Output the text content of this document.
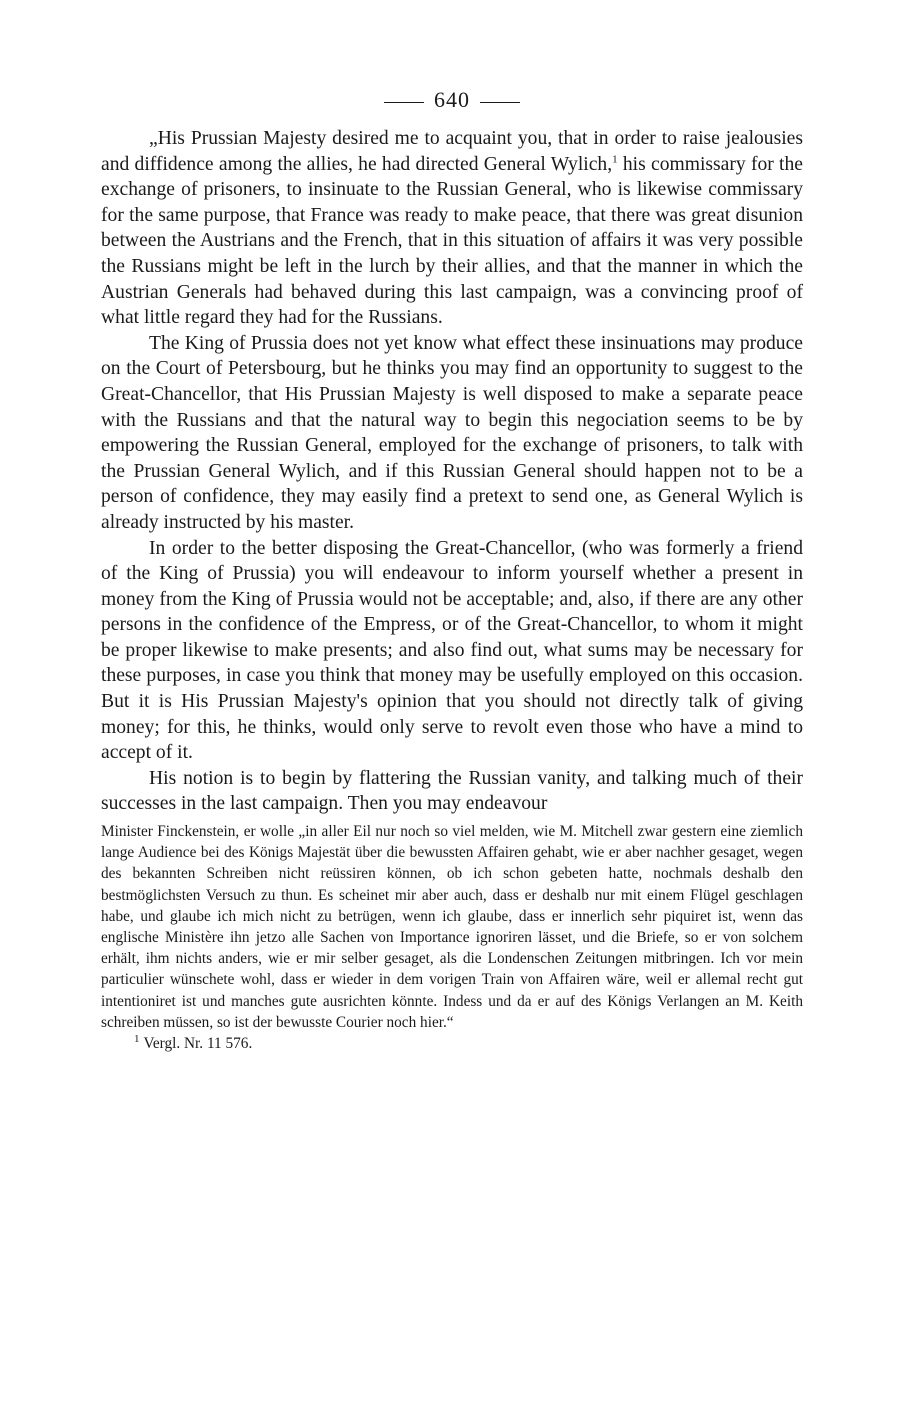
640

„His Prussian Majesty desired me to acquaint you, that in order to raise jealousies and diffidence among the allies, he had directed General Wylich,$^1$ his commissary for the exchange of prisoners, to insinuate to the Russian General, who is likewise commissary for the same purpose, that France was ready to make peace, that there was great disunion between the Austrians and the French, that in this situation of affairs it was very possible the Russians might be left in the lurch by their allies, and that the manner in which the Austrian Generals had behaved during this last campaign, was a convincing proof of what little regard they had for the Russians.

The King of Prussia does not yet know what effect these insinuations may produce on the Court of Petersbourg, but he thinks you may find an opportunity to suggest to the Great-Chancellor, that His Prussian Majesty is well disposed to make a separate peace with the Russians and that the natural way to begin this negociation seems to be by empowering the Russian General, employed for the exchange of prisoners, to talk with the Prussian General Wylich, and if this Russian General should happen not to be a person of confidence, they may easily find a pretext to send one, as General Wylich is already instructed by his master.

In order to the better disposing the Great-Chancellor, (who was formerly a friend of the King of Prussia) you will endeavour to inform yourself whether a present in money from the King of Prussia would not be acceptable; and, also, if there are any other persons in the confidence of the Empress, or of the Great-Chancellor, to whom it might be proper likewise to make presents; and also find out, what sums may be necessary for these purposes, in case you think that money may be usefully employed on this occasion. But it is His Prussian Majesty's opinion that you should not directly talk of giving money; for this, he thinks, would only serve to revolt even those who have a mind to accept of it.

His notion is to begin by flattering the Russian vanity, and talking much of their successes in the last campaign. Then you may endeavour

Minister Finckenstein, er wolle „in aller Eil nur noch so viel melden, wie M. Mitchell zwar gestern eine ziemlich lange Audience bei des Königs Majestät über die bewussten Affairen gehabt, wie er aber nachher gesaget, wegen des bekannten Schreiben nicht reüssiren können, ob ich schon gebeten hatte, nochmals deshalb den bestmöglichsten Versuch zu thun. Es scheinet mir aber auch, dass er deshalb nur mit einem Flügel geschlagen habe, und glaube ich mich nicht zu betrügen, wenn ich glaube, dass er innerlich sehr piquiret ist, wenn das englische Ministère ihn jetzo alle Sachen von Importance ignoriren lässet, und die Briefe, so er von solchem erhält, ihm nichts anders, wie er mir selber gesaget, als die Londenschen Zeitungen mitbringen. Ich vor mein particulier wünschete wohl, dass er wieder in dem vorigen Train von Affairen wäre, weil er allemal recht gut intentioniret ist und manches gute ausrichten könnte. Indess und da er auf des Königs Verlangen an M. Keith schreiben müssen, so ist der bewusste Courier noch hier.“

$^1$ Vergl. Nr. 11 576.
